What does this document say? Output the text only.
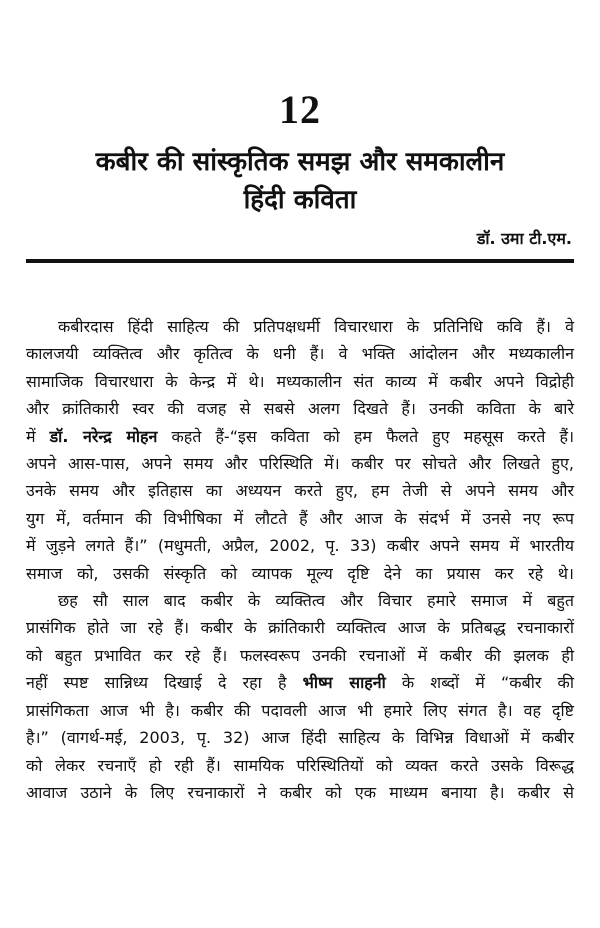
12
कबीर की सांस्कृतिक समझ और समकालीन
हिंदी कविता
डॉ. उमा टी.एम.

कबीरदास हिंदी साहित्य की प्रतिपक्षधर्मी विचारधारा के प्रतिनिधि कवि हैं। वे
कालजयी व्यक्तित्व और कृतित्व के धनी हैं। वे भक्ति आंदोलन और मध्यकालीन
सामाजिक विचारधारा के केन्द्र में थे। मध्यकालीन संत काव्य में कबीर अपने विद्रोही
और क्रांतिकारी स्वर की वजह से सबसे अलग दिखते हैं। उनकी कविता के बारे
में डॉ. नरेन्द्र मोहन कहते हैं-“इस कविता को हम फैलते हुए महसूस करते हैं।
अपने आस-पास, अपने समय और परिस्थिति में। कबीर पर सोचते और लिखते हुए,
उनके समय और इतिहास का अध्ययन करते हुए, हम तेजी से अपने समय और
युग में, वर्तमान की विभीषिका में लौटते हैं और आज के संदर्भ में उनसे नए रूप
में जुड़ने लगते हैं।” (मधुमती, अप्रैल, 2002, पृ. 33) कबीर अपने समय में भारतीय
समाज को, उसकी संस्कृति को व्यापक मूल्य दृष्टि देने का प्रयास कर रहे थे।

छह सौ साल बाद कबीर के व्यक्तित्व और विचार हमारे समाज में बहुत
प्रासंगिक होते जा रहे हैं। कबीर के क्रांतिकारी व्यक्तित्व आज के प्रतिबद्ध रचनाकारों
को बहुत प्रभावित कर रहे हैं। फलस्वरूप उनकी रचनाओं में कबीर की झलक ही
नहीं स्पष्ट सान्निध्य दिखाई दे रहा है भीष्म साहनी के शब्दों में “कबीर की
प्रासंगिकता आज भी है। कबीर की पदावली आज भी हमारे लिए संगत है। वह दृष्टि
है।” (वागर्थ-मई, 2003, पृ. 32) आज हिंदी साहित्य के विभिन्न विधाओं में कबीर
को लेकर रचनाएँ हो रही हैं। सामयिक परिस्थितियों को व्यक्त करते उसके विरूद्ध
आवाज उठाने के लिए रचनाकारों ने कबीर को एक माध्यम बनाया है। कबीर से
